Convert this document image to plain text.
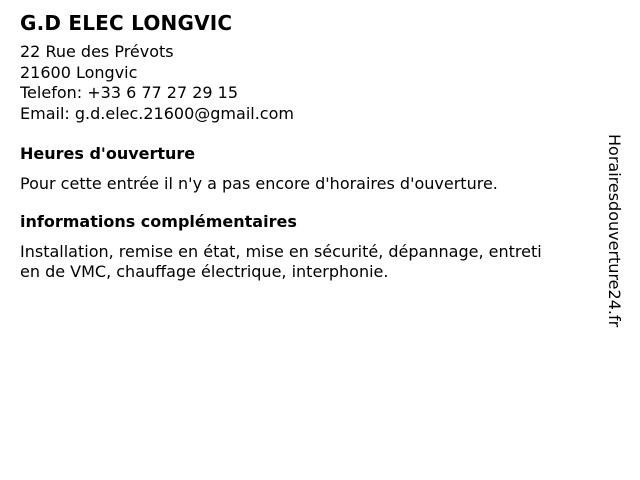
G.D ELEC LONGVIC
22 Rue des Prévots
21600 Longvic
Telefon: +33 6 77 27 29 15
Email: g.d.elec.21600@gmail.com
Heures d'ouverture
Pour cette entrée il n'y a pas encore d'horaires d'ouverture.
informations complémentaires
Installation, remise en état, mise en sécurité, dépannage, entreti
en de VMC, chauffage électrique, interphonie.	Horairesdouverture24.fr
